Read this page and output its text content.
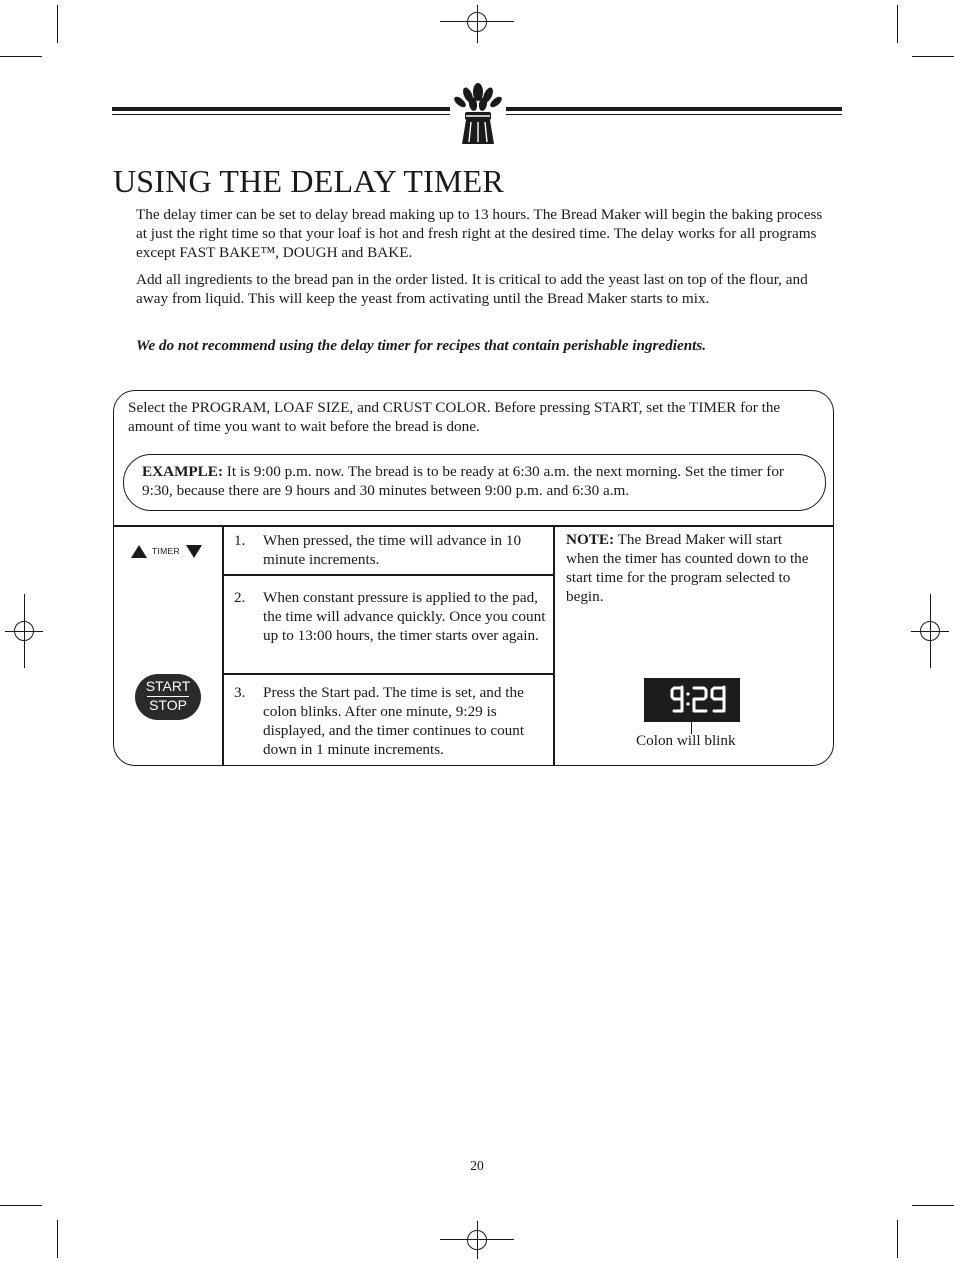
USING THE DELAY TIMER

The delay timer can be set to delay bread making up to 13 hours. The Bread Maker will begin the baking process at just the right time so that your loaf is hot and fresh right at the desired time. The delay works for all programs except FAST BAKE™, DOUGH and BAKE.

Add all ingredients to the bread pan in the order listed. It is critical to add the yeast last on top of the flour, and away from liquid. This will keep the yeast from activating until the Bread Maker starts to mix.

We do not recommend using the delay timer for recipes that contain perishable ingredients.

Select the PROGRAM, LOAF SIZE, and CRUST COLOR. Before pressing START, set the TIMER for the amount of time you want to wait before the bread is done.

EXAMPLE: It is 9:00 p.m. now. The bread is to be ready at 6:30 a.m. the next morning. Set the timer for 9:30, because there are 9 hours and 30 minutes between 9:00 p.m. and 6:30 a.m.
TIMER
START
STOP
1. When pressed, the time will advance in 10 minute increments.
2. When constant pressure is applied to the pad, the time will advance quickly. Once you count up to 13:00 hours, the timer starts over again.
3. Press the Start pad. The time is set, and the colon blinks. After one minute, 9:29 is displayed, and the timer continues to count down in 1 minute increments.
NOTE: The Bread Maker will start when the timer has counted down to the start time for the program selected to begin.
Colon will blink
20
